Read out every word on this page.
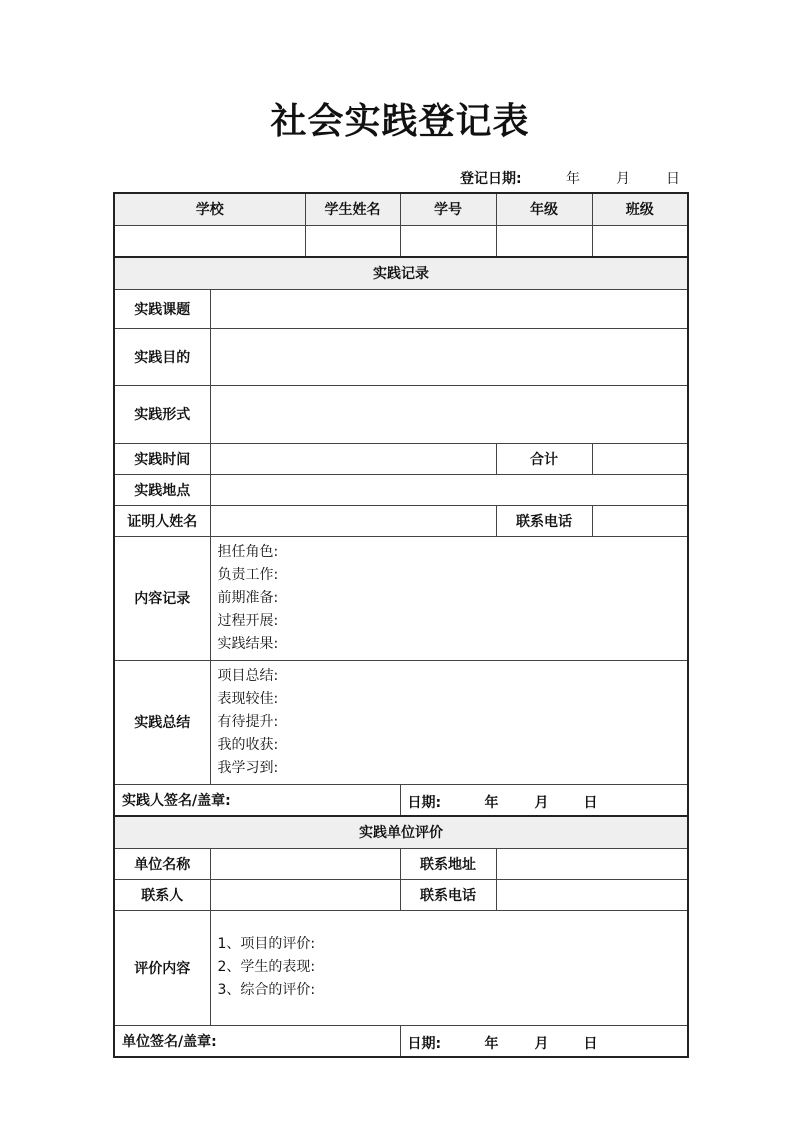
社会实践登记表
登记日期:	年	月	日
学校		学生姓名	学号	年级	班级

实践记录					
实践课题					
实践目的					
实践形式					
实践时间				合计	
实践地点					
证明人姓名				联系电话	
内容记录	担任角色:
负责工作:
前期准备:
过程开展:
实践结果:				

实践总结	项目总结:
表现较佳:
有待提升:
我的收获:
我学习到:				

实践人签名/盖章:			日期: 年 月 日		

实践单位评价					
单位名称			联系地址		
联系人			联系电话		
评价内容	1、项目的评价:
2、学生的表现:
3、综合的评价:				

单位签名/盖章:			日期: 年 月 日		
